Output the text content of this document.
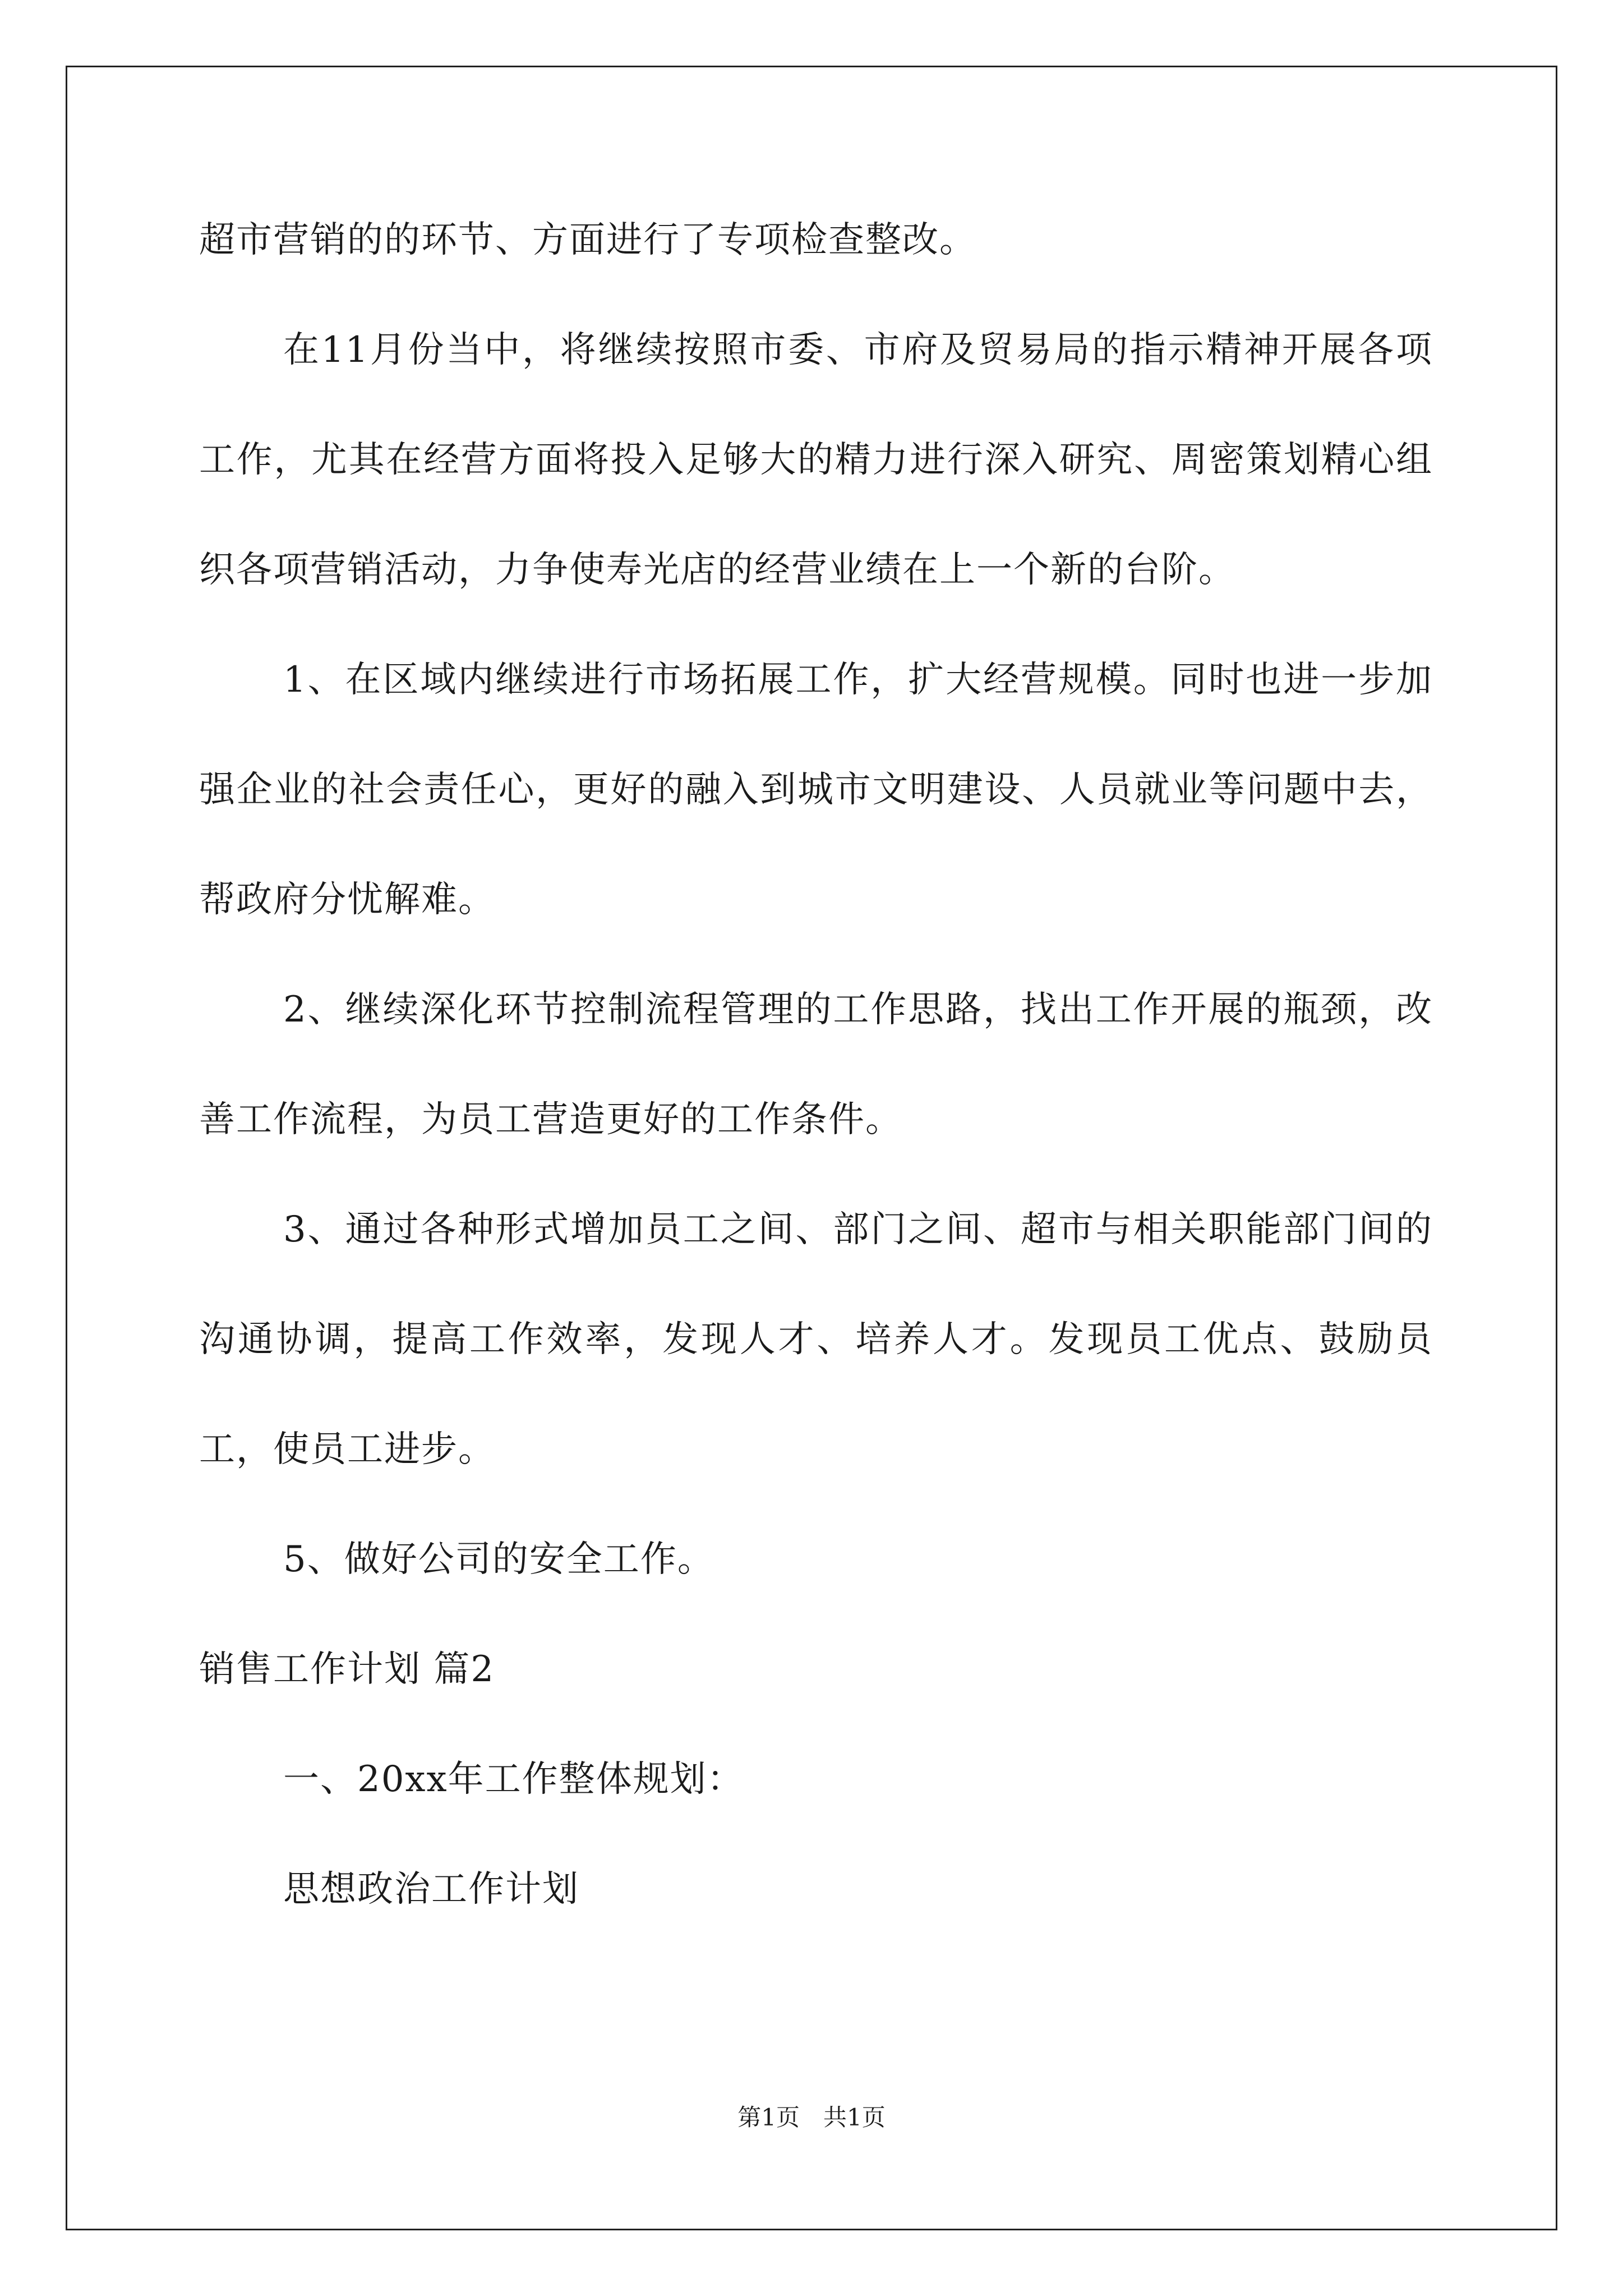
超市营销的的环节、方面进行了专项检查整改。

在11月份当中，将继续按照市委、市府及贸易局的指示精神开展各项工作，尤其在经营方面将投入足够大的精力进行深入研究、周密策划精心组织各项营销活动，力争使寿光店的经营业绩在上一个新的台阶。

1、在区域内继续进行市场拓展工作，扩大经营规模。同时也进一步加强企业的社会责任心，更好的融入到城市文明建设、人员就业等问题中去，帮政府分忧解难。

2、继续深化环节控制流程管理的工作思路，找出工作开展的瓶颈，改善工作流程，为员工营造更好的工作条件。

3、通过各种形式增加员工之间、部门之间、超市与相关职能部门间的沟通协调，提高工作效率，发现人才、培养人才。发现员工优点、鼓励员工，使员工进步。

5、做好公司的安全工作。

销售工作计划 篇2

一、20xx年工作整体规划：

思想政治工作计划

第1页　共1页
